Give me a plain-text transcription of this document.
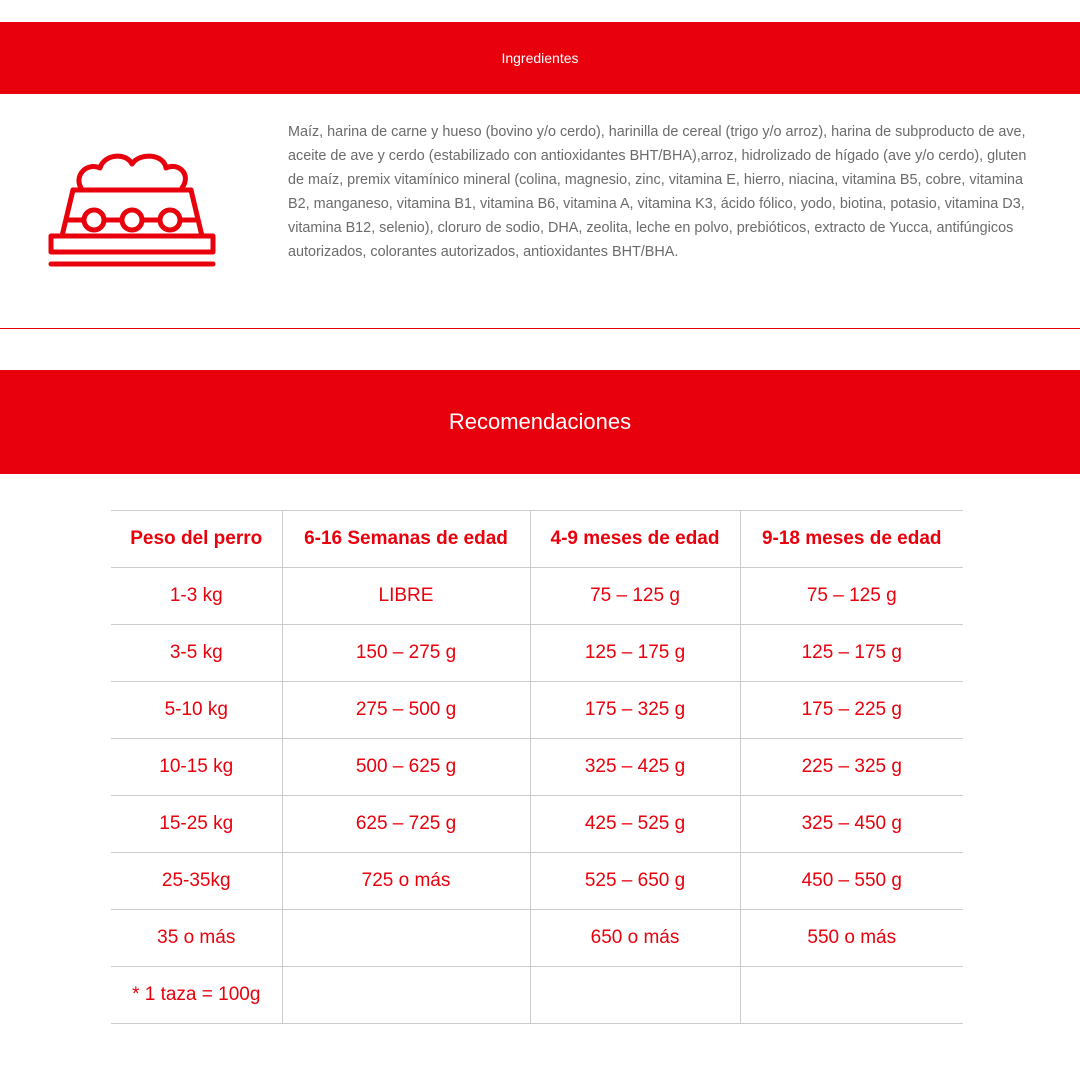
Ingredientes

Maíz, harina de carne y hueso (bovino y/o cerdo), harinilla de cereal (trigo y/o arroz), harina de subproducto de ave, aceite de ave y cerdo (estabilizado con antioxidantes BHT/BHA),arroz, hidrolizado de hígado (ave y/o cerdo), gluten de maíz, premix vitamínico mineral (colina, magnesio, zinc, vitamina E, hierro, niacina, vitamina B5, cobre, vitamina B2, manganeso, vitamina B1, vitamina B6, vitamina A, vitamina K3, ácido fólico, yodo, biotina, potasio, vitamina D3, vitamina B12, selenio), cloruro de sodio, DHA, zeolita, leche en polvo, prebióticos, extracto de Yucca, antifúngicos autorizados, colorantes autorizados, antioxidantes BHT/BHA.

Recomendaciones
Peso del perro	6-16 Semanas de edad	4-9 meses de edad	9-18 meses de edad
1-3 kg	LIBRE	75 – 125 g	75 – 125 g
3-5 kg	150 – 275 g	125 – 175 g	125 – 175 g
5-10 kg	275 – 500 g	175 – 325 g	175 – 225 g
10-15 kg	500 – 625 g	325 – 425 g	225 – 325 g
15-25 kg	625 – 725 g	425 – 525 g	325 – 450 g
25-35kg	725 o más	525 – 650 g	450 – 550 g
35 o más		650 o más	550 o más
* 1 taza = 100g			
